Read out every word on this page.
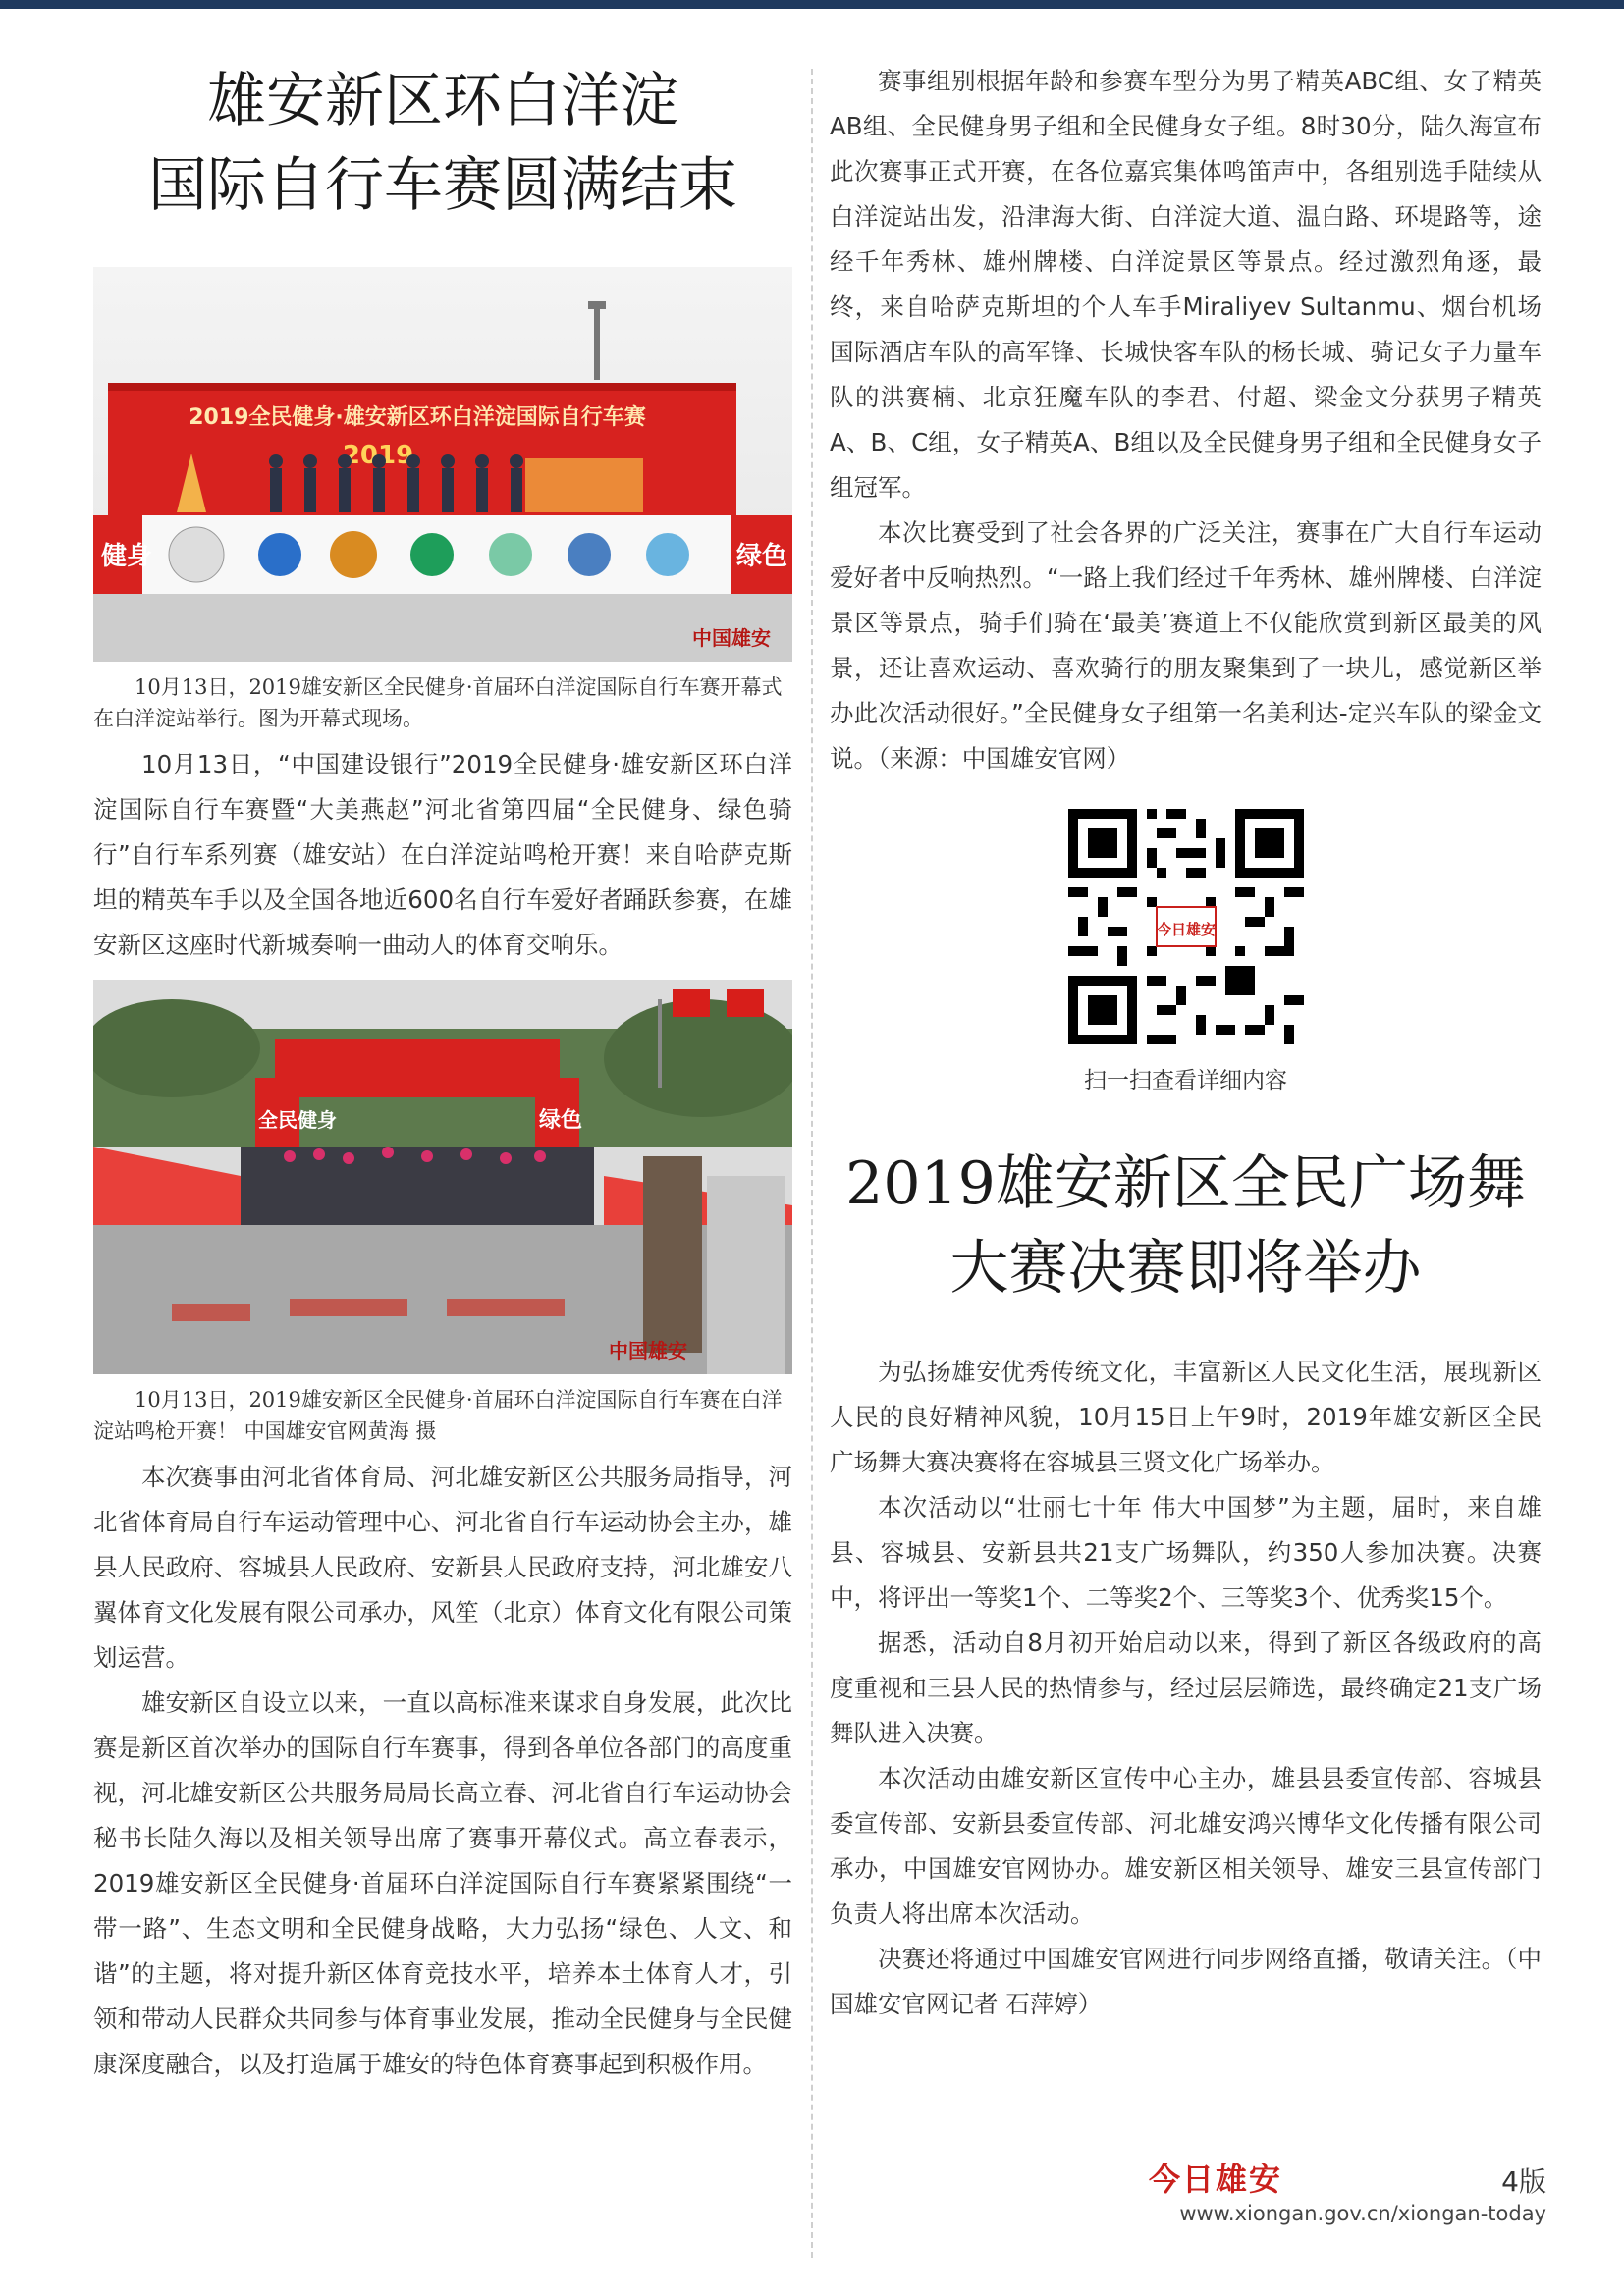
雄安新区环白洋淀
国际自行车赛圆满结束
2019全民健身·雄安新区环白洋淀国际自行车赛
健身	绿色
中国雄安
10月13日，2019雄安新区全民健身·首届环白洋淀国际自行车赛开幕式在白洋淀站举行。图为开幕式现场。

10月13日，“中国建设银行”2019全民健身·雄安新区环白洋淀国际自行车赛暨“大美燕赵”河北省第四届“全民健身、绿色骑行”自行车系列赛（雄安站）在白洋淀站鸣枪开赛！来自哈萨克斯坦的精英车手以及全国各地近600名自行车爱好者踊跃参赛，在雄安新区这座时代新城奏响一曲动人的体育交响乐。

全民健身	绿色
中国雄安
10月13日，2019雄安新区全民健身·首届环白洋淀国际自行车赛在白洋淀站鸣枪开赛！ 中国雄安官网黄海 摄

本次赛事由河北省体育局、河北雄安新区公共服务局指导，河北省体育局自行车运动管理中心、河北省自行车运动协会主办，雄县人民政府、容城县人民政府、安新县人民政府支持，河北雄安八翼体育文化发展有限公司承办，风笙（北京）体育文化有限公司策划运营。

雄安新区自设立以来，一直以高标准来谋求自身发展，此次比赛是新区首次举办的国际自行车赛事，得到各单位各部门的高度重视，河北雄安新区公共服务局局长高立春、河北省自行车运动协会秘书长陆久海以及相关领导出席了赛事开幕仪式。高立春表示，2019雄安新区全民健身·首届环白洋淀国际自行车赛紧紧围绕“一带一路”、生态文明和全民健身战略，大力弘扬“绿色、人文、和谐”的主题，将对提升新区体育竞技水平，培养本土体育人才，引领和带动人民群众共同参与体育事业发展，推动全民健身与全民健康深度融合，以及打造属于雄安的特色体育赛事起到积极作用。

赛事组别根据年龄和参赛车型分为男子精英ABC组、女子精英AB组、全民健身男子组和全民健身女子组。8时30分，陆久海宣布此次赛事正式开赛，在各位嘉宾集体鸣笛声中，各组别选手陆续从白洋淀站出发，沿津海大街、白洋淀大道、温白路、环堤路等，途经千年秀林、雄州牌楼、白洋淀景区等景点。经过激烈角逐，最终，来自哈萨克斯坦的个人车手Miraliyev Sultanmu、烟台机场国际酒店车队的高军锋、长城快客车队的杨长城、骑记女子力量车队的洪赛楠、北京狂魔车队的李君、付超、梁金文分获男子精英A、B、C组，女子精英A、B组以及全民健身男子组和全民健身女子组冠军。

本次比赛受到了社会各界的广泛关注，赛事在广大自行车运动爱好者中反响热烈。“一路上我们经过千年秀林、雄州牌楼、白洋淀景区等景点，骑手们骑在‘最美’赛道上不仅能欣赏到新区最美的风景，还让喜欢运动、喜欢骑行的朋友聚集到了一块儿，感觉新区举办此次活动很好。”全民健身女子组第一名美利达-定兴车队的梁金文说。（来源：中国雄安官网）

今日雄安
扫一扫查看详细内容
2019雄安新区全民广场舞
大赛决赛即将举办

为弘扬雄安优秀传统文化，丰富新区人民文化生活，展现新区人民的良好精神风貌，10月15日上午9时，2019年雄安新区全民广场舞大赛决赛将在容城县三贤文化广场举办。

本次活动以“壮丽七十年 伟大中国梦”为主题，届时，来自雄县、容城县、安新县共21支广场舞队，约350人参加决赛。决赛中，将评出一等奖1个、二等奖2个、三等奖3个、优秀奖15个。

据悉，活动自8月初开始启动以来，得到了新区各级政府的高度重视和三县人民的热情参与，经过层层筛选，最终确定21支广场舞队进入决赛。

本次活动由雄安新区宣传中心主办，雄县县委宣传部、容城县委宣传部、安新县委宣传部、河北雄安鸿兴博华文化传播有限公司承办，中国雄安官网协办。雄安新区相关领导、雄安三县宣传部门负责人将出席本次活动。

决赛还将通过中国雄安官网进行同步网络直播，敬请关注。（中国雄安官网记者 石萍婷）

今日雄安	4版
www.xiongan.gov.cn/xiongan-today
